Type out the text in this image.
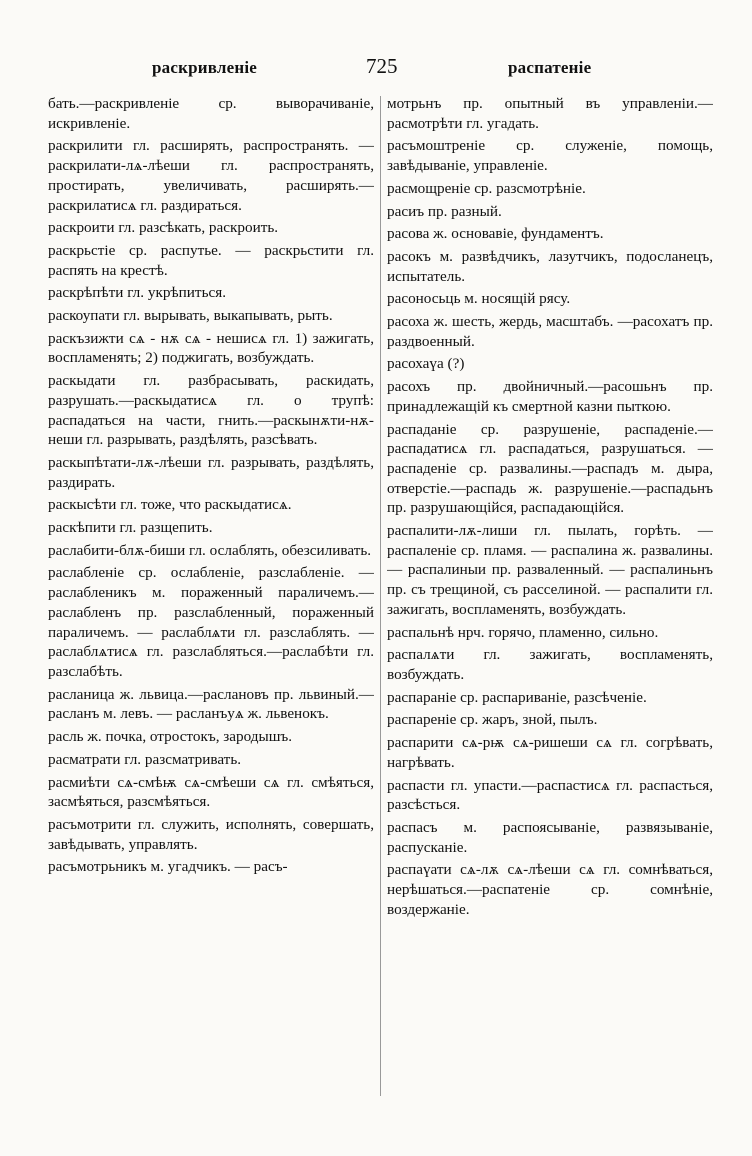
раскривленіе	725	распатеніе
бать.—раскривленіе ср. выворачиваніе, искривленіе.
раскрилити гл. расширять, распространять. — раскрилати-лѧ-лѣеши гл. распространять, простирать, увеличивать, расширять.—раскрилатисѧ гл. раздираться.
раскроити гл. разсѣкать, раскроить.
раскрьстіе ср. распутье. — раскрьстити гл. распять на крестѣ.
раскрѣпѣти гл. укрѣпиться.
раскоупати гл. вырывать, выкапывать, рыть.
раскъзижти сѧ - нѫ сѧ - нешисѧ гл. 1) зажигать, воспламенять; 2) поджигать, возбуждать.
раскыдати гл. разбрасывать, раскидать, разрушать.—раскыдатисѧ гл. о трупѣ: распадаться на части, гнить.—раскынѫти-нѫ-неши гл. разрывать, раздѣлять, разсѣвать.
раскыпѣтати-лѫ-лѣеши гл. разрывать, раздѣлять, раздирать.
раскысѣти гл. тоже, что раскыдатисѧ.
раскѣпити гл. разщепить.
раслабити-блѫ-биши гл. ослаблять, обезсиливать.
раслабленіе ср. ослабленіе, разслабленіе. — раслабленикъ м. пораженный параличемъ.—раслабленъ пр. разслабленный, пораженный параличемъ. — раслаблѧти гл. разслаблять. — раслаблѧтисѧ гл. разслабляться.—раслабѣти гл. разслабѣть.
расланица ж. львица.—раслановъ пр. львиный.—расланъ м. левъ. — расланъуѧ ж. львенокъ.
расль ж. почка, отростокъ, зародышъ.
расматрати гл. разсматривать.
расмиѣти сѧ-смѣѭ сѧ-смѣеши сѧ гл. смѣяться, засмѣяться, разсмѣяться.
расъмотрити гл. служить, исполнять, совершать, завѣдывать, управлять.
расъмотрьникъ м. угадчикъ. — расъ-
мотрьнъ пр. опытный въ управленіи.—расмотрѣти гл. угадать.
расъмоштреніе ср. служеніе, помощь, завѣдываніе, управленіе.
расмощреніе ср. разсмотрѣніе.
расиъ пр. разный.
расова ж. основавіе, фундаментъ.
расокъ м. развѣдчикъ, лазутчикъ, подосланецъ, испытатель.
расоносьць м. носящій рясу.
расоха ж. шесть, жердь, масштабъ. —расохатъ пр. раздвоенный.
расохаүа (?)
расохъ пр. двойничный.—расошьнъ пр. принадлежащій къ смертной казни пыткою.
распаданіе ср. разрушеніе, распаденіе.—распадатисѧ гл. распадаться, разрушаться. — распаденіе ср. развалины.—распадъ м. дыра, отверстіе.—распадь ж. разрушеніе.—распадьнъ пр. разрушающійся, распадающійся.
распалити-лѫ-лиши гл. пылать, горѣть. — распаленіе ср. пламя. — распалина ж. развалины. — распалиныи пр. разваленный. — распалиньнъ пр. съ трещиной, съ расселиной. — распалити гл. зажигать, воспламенять, возбуждать.
распальнѣ нрч. горячо, пламенно, сильно.
распалѧти гл. зажигать, воспламенять, возбуждать.
распараніе ср. распариваніе, разсѣченіе.
распареніе ср. жаръ, зной, пылъ.
распарити сѧ-рѭ сѧ-ришеши сѧ гл. согрѣвать, нагрѣвать.
распасти гл. упасти.—распастисѧ гл. распасться, разсѣсться.
распасъ м. распоясываніе, развязываніе, распусканіе.
распаүати сѧ-лѫ сѧ-лѣеши сѧ гл. сомнѣваться, нерѣшаться.—распатеніе ср. сомнѣніе, воздержаніе.
